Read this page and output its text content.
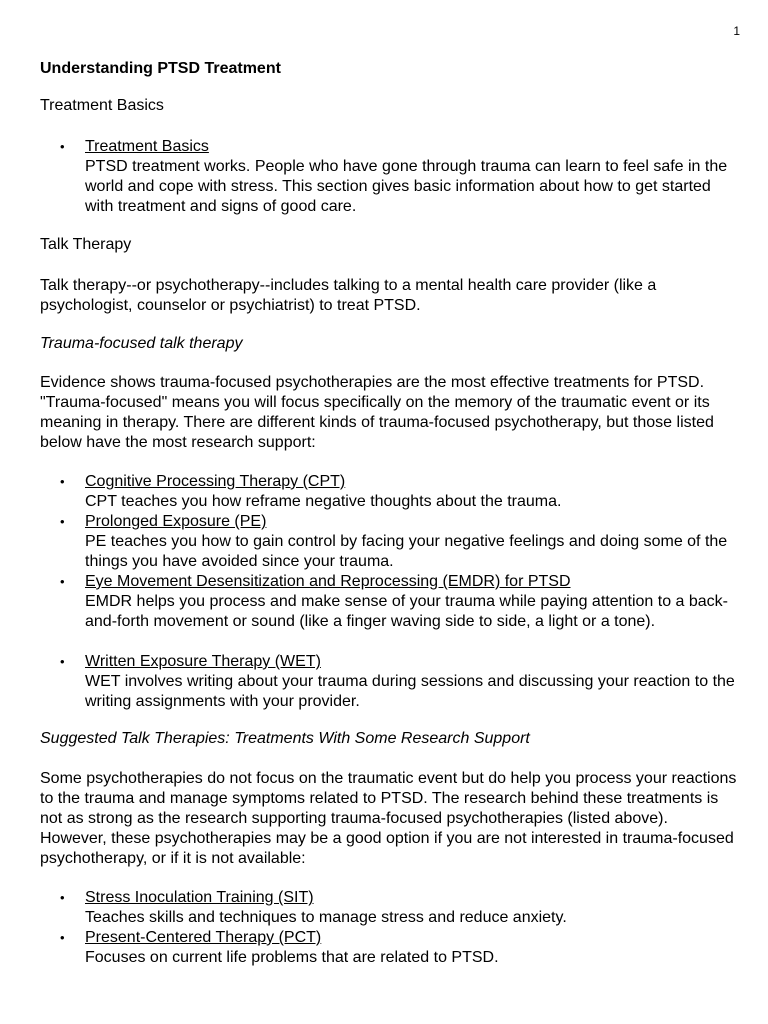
1
Understanding PTSD Treatment

Treatment Basics

• Treatment Basics
PTSD treatment works. People who have gone through trauma can learn to feel safe in the world and cope with stress. This section gives basic information about how to get started with treatment and signs of good care.

Talk Therapy

Talk therapy--or psychotherapy--includes talking to a mental health care provider (like a psychologist, counselor or psychiatrist) to treat PTSD.

Trauma-focused talk therapy

Evidence shows trauma-focused psychotherapies are the most effective treatments for PTSD. "Trauma-focused" means you will focus specifically on the memory of the traumatic event or its meaning in therapy. There are different kinds of trauma-focused psychotherapy, but those listed below have the most research support:

• Cognitive Processing Therapy (CPT)
CPT teaches you how reframe negative thoughts about the trauma.
• Prolonged Exposure (PE)
PE teaches you how to gain control by facing your negative feelings and doing some of the things you have avoided since your trauma.
• Eye Movement Desensitization and Reprocessing (EMDR) for PTSD
EMDR helps you process and make sense of your trauma while paying attention to a back-and-forth movement or sound (like a finger waving side to side, a light or a tone).
• Written Exposure Therapy (WET)
WET involves writing about your trauma during sessions and discussing your reaction to the writing assignments with your provider.

Suggested Talk Therapies: Treatments With Some Research Support

Some psychotherapies do not focus on the traumatic event but do help you process your reactions to the trauma and manage symptoms related to PTSD. The research behind these treatments is not as strong as the research supporting trauma-focused psychotherapies (listed above). However, these psychotherapies may be a good option if you are not interested in trauma-focused psychotherapy, or if it is not available:

• Stress Inoculation Training (SIT)
Teaches skills and techniques to manage stress and reduce anxiety.
• Present-Centered Therapy (PCT)
Focuses on current life problems that are related to PTSD.
